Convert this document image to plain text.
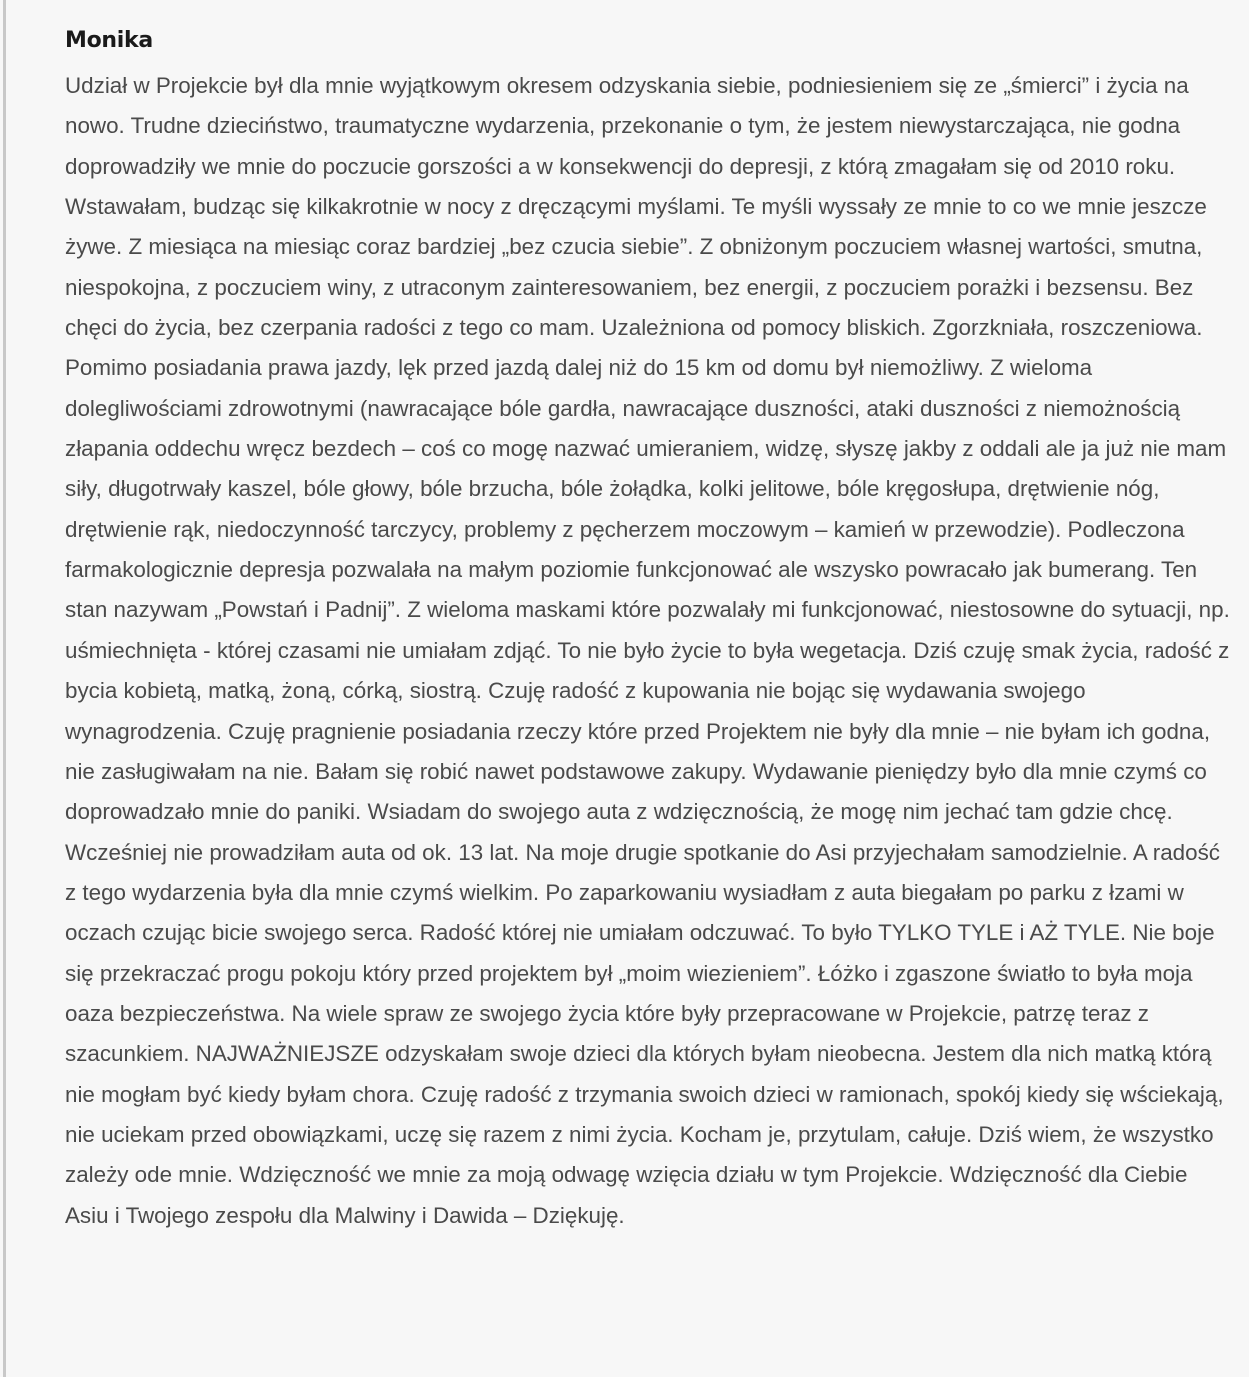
Monika

Udział w Projekcie był dla mnie wyjątkowym okresem odzyskania siebie, podniesieniem się ze „śmierci” i życia na nowo. Trudne dzieciństwo, traumatyczne wydarzenia, przekonanie o tym, że jestem niewystarczająca, nie godna doprowadziły we mnie do poczucie gorszości a w konsekwencji do depresji, z którą zmagałam się od 2010 roku. Wstawałam, budząc się kilkakrotnie w nocy z dręczącymi myślami. Te myśli wyssały ze mnie to co we mnie jeszcze żywe. Z miesiąca na miesiąc coraz bardziej „bez czucia siebie”. Z obniżonym poczuciem własnej wartości, smutna, niespokojna, z poczuciem winy, z utraconym zainteresowaniem, bez energii, z poczuciem porażki i bezsensu. Bez chęci do życia, bez czerpania radości z tego co mam. Uzależniona od pomocy bliskich. Zgorzkniała, roszczeniowa. Pomimo posiadania prawa jazdy, lęk przed jazdą dalej niż do 15 km od domu był niemożliwy. Z wieloma dolegliwościami zdrowotnymi (nawracające bóle gardła, nawracające duszności, ataki duszności z niemożnością złapania oddechu wręcz bezdech – coś co mogę nazwać umieraniem, widzę, słyszę jakby z oddali ale ja już nie mam siły, długotrwały kaszel, bóle głowy, bóle brzucha, bóle żołądka, kolki jelitowe, bóle kręgosłupa, drętwienie nóg, drętwienie rąk, niedoczynność tarczycy, problemy z pęcherzem moczowym – kamień w przewodzie). Podleczona farmakologicznie depresja pozwalała na małym poziomie funkcjonować ale wszysko powracało jak bumerang. Ten stan nazywam „Powstań i Padnij”. Z wieloma maskami które pozwalały mi funkcjonować, niestosowne do sytuacji, np. uśmiechnięta - której czasami nie umiałam zdjąć. To nie było życie to była wegetacja. Dziś czuję smak życia, radość z bycia kobietą, matką, żoną, córką, siostrą. Czuję radość z kupowania nie bojąc się wydawania swojego wynagrodzenia. Czuję pragnienie posiadania rzeczy które przed Projektem nie były dla mnie – nie byłam ich godna, nie zasługiwałam na nie. Bałam się robić nawet podstawowe zakupy. Wydawanie pieniędzy było dla mnie czymś co doprowadzało mnie do paniki. Wsiadam do swojego auta z wdzięcznością, że mogę nim jechać tam gdzie chcę. Wcześniej nie prowadziłam auta od ok. 13 lat. Na moje drugie spotkanie do Asi przyjechałam samodzielnie. A radość z tego wydarzenia była dla mnie czymś wielkim. Po zaparkowaniu wysiadłam z auta biegałam po parku z łzami w oczach czując bicie swojego serca. Radość której nie umiałam odczuwać. To było TYLKO TYLE i AŻ TYLE. Nie boje się przekraczać progu pokoju który przed projektem był „moim wiezieniem”. Łóżko i zgaszone światło to była moja oaza bezpieczeństwa. Na wiele spraw ze swojego życia które były przepracowane w Projekcie, patrzę teraz z szacunkiem. NAJWAŻNIEJSZE odzyskałam swoje dzieci dla których byłam nieobecna. Jestem dla nich matką którą nie mogłam być kiedy byłam chora. Czuję radość z trzymania swoich dzieci w ramionach, spokój kiedy się wściekają, nie uciekam przed obowiązkami, uczę się razem z nimi życia. Kocham je, przytulam, całuje. Dziś wiem, że wszystko zależy ode mnie. Wdzięczność we mnie za moją odwagę wzięcia działu w tym Projekcie. Wdzięczność dla Ciebie Asiu i Twojego zespołu dla Malwiny i Dawida – Dziękuję.
